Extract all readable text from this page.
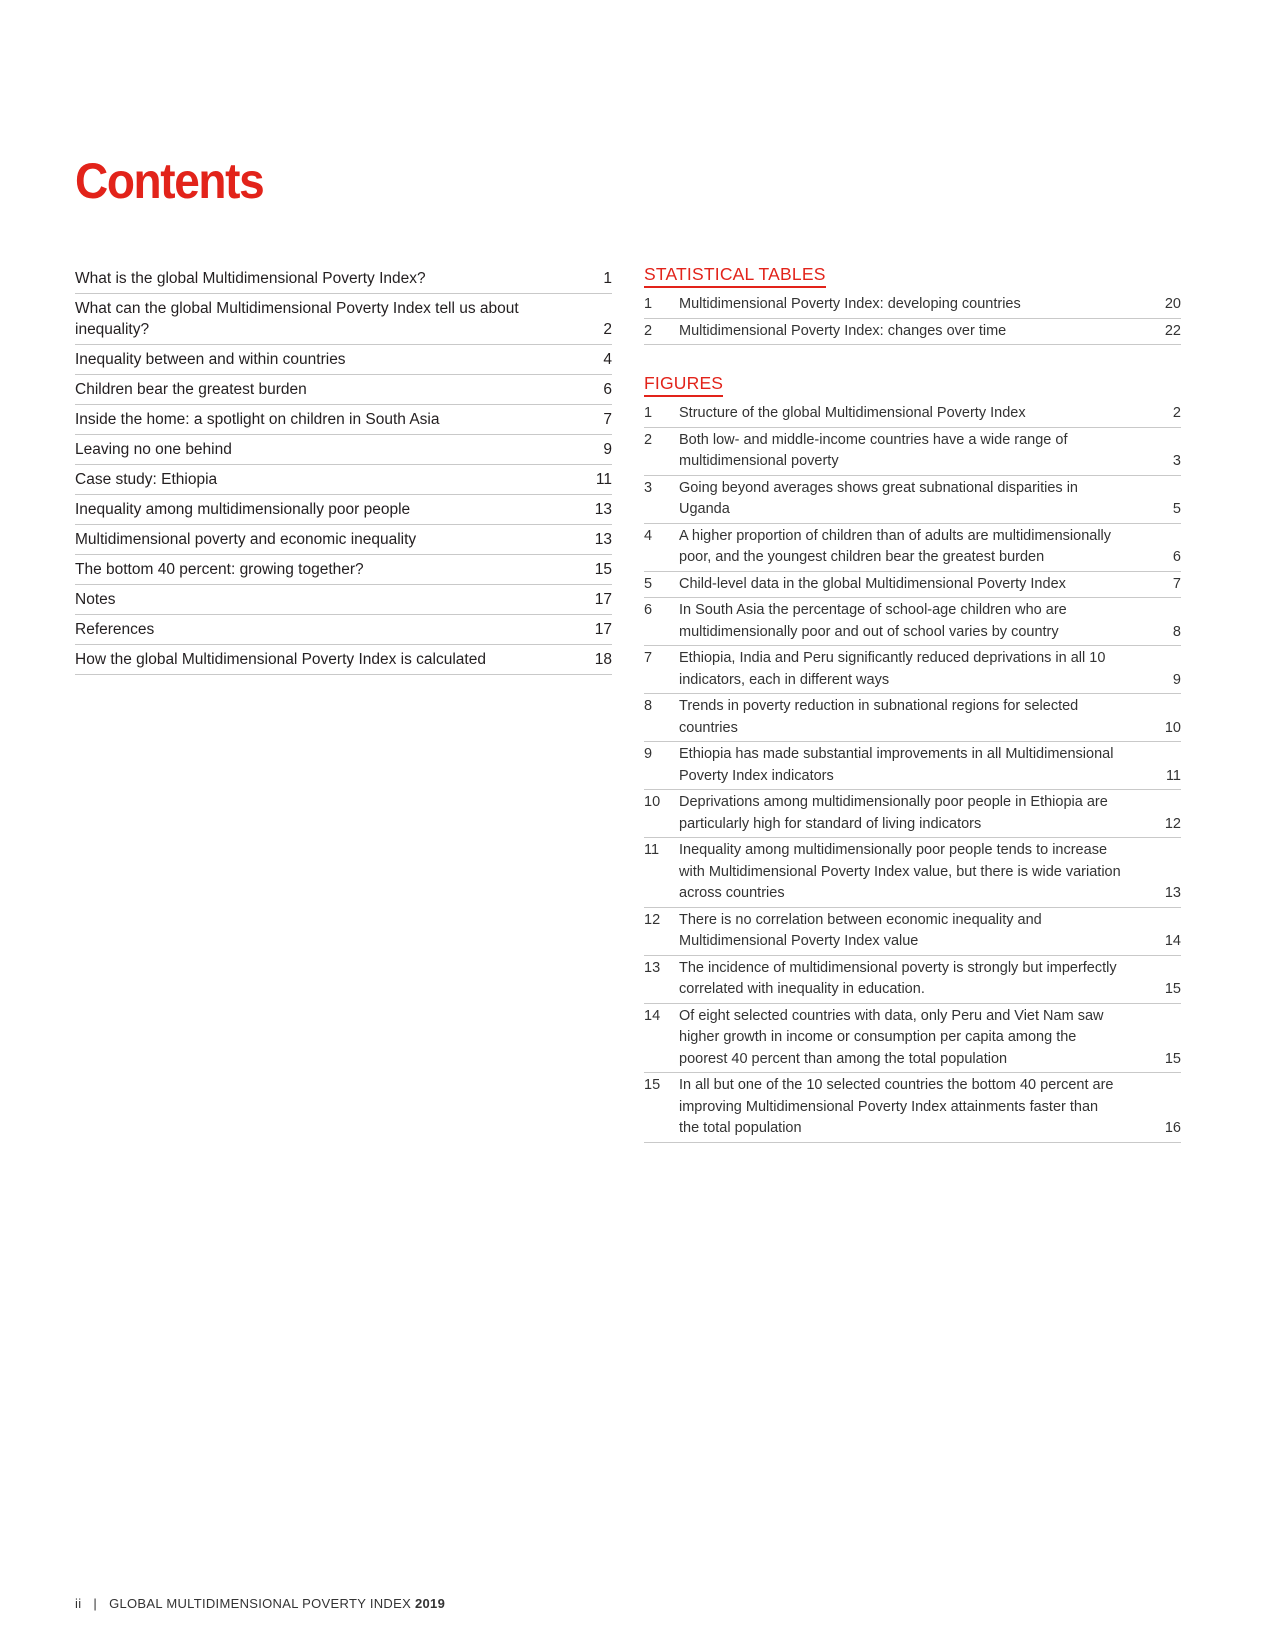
Contents
What is the global Multidimensional Poverty Index?	1
What can the global Multidimensional Poverty Index tell us about inequality?	2
Inequality between and within countries	4
Children bear the greatest burden	6
Inside the home: a spotlight on children in South Asia	7
Leaving no one behind	9
Case study: Ethiopia	11
Inequality among multidimensionally poor people	13
Multidimensional poverty and economic inequality	13
The bottom 40 percent: growing together?	15
Notes	17
References	17
How the global Multidimensional Poverty Index is calculated	18
STATISTICAL TABLES
1	Multidimensional Poverty Index: developing countries	20
2	Multidimensional Poverty Index: changes over time	22
FIGURES
1	Structure of the global Multidimensional Poverty Index	2
2	Both low- and middle-income countries have a wide range of multidimensional poverty	3
3	Going beyond averages shows great subnational disparities in Uganda	5
4	A higher proportion of children than of adults are multidimensionally poor, and the youngest children bear the greatest burden	6
5	Child-level data in the global Multidimensional Poverty Index	7
6	In South Asia the percentage of school-age children who are multidimensionally poor and out of school varies by country	8
7	Ethiopia, India and Peru significantly reduced deprivations in all 10 indicators, each in different ways	9
8	Trends in poverty reduction in subnational regions for selected countries	10
9	Ethiopia has made substantial improvements in all Multidimensional Poverty Index indicators	11
10	Deprivations among multidimensionally poor people in Ethiopia are particularly high for standard of living indicators	12
11	Inequality among multidimensionally poor people tends to increase with Multidimensional Poverty Index value, but there is wide variation across countries	13
12	There is no correlation between economic inequality and Multidimensional Poverty Index value	14
13	The incidence of multidimensional poverty is strongly but imperfectly correlated with inequality in education.	15
14	Of eight selected countries with data, only Peru and Viet Nam saw higher growth in income or consumption per capita among the poorest 40 percent than among the total population	15
15	In all but one of the 10 selected countries the bottom 40 percent are improving Multidimensional Poverty Index attainments faster than the total population	16
ii | GLOBAL MULTIDIMENSIONAL POVERTY INDEX 2019
